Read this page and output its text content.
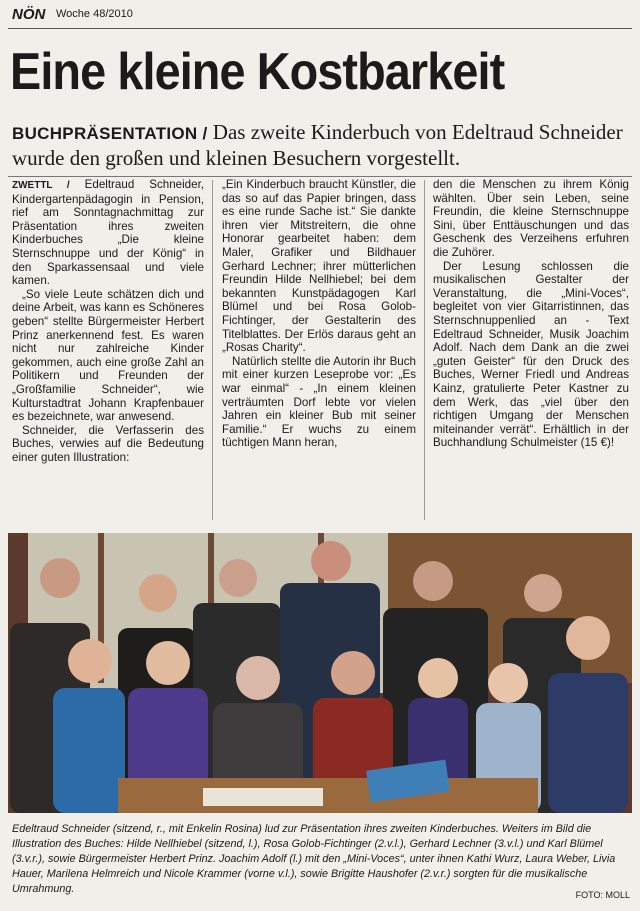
NÖN Woche 48/2010
Eine kleine Kostbarkeit
BUCHPRÄSENTATION / Das zweite Kinderbuch von Edeltraud Schneider wurde den großen und kleinen Besuchern vorgestellt.

ZWETTL / Edeltraud Schneider, Kindergartenpädagogin in Pension, rief am Sonntagnachmittag zur Präsentation ihres zweiten Kinderbuches „Die kleine Sternschnuppe und der König“ in den Sparkassensaal und viele kamen.

„So viele Leute schätzen dich und deine Arbeit, was kann es Schöneres geben“ stellte Bürgermeister Herbert Prinz anerkennend fest. Es waren nicht nur zahlreiche Kinder gekommen, auch eine große Zahl an Politikern und Freunden der „Großfamilie Schneider“, wie Kulturstadtrat Johann Krapfenbauer es bezeichnete, war anwesend.

Schneider, die Verfasserin des Buches, verwies auf die Bedeutung einer guten Illustration:

„Ein Kinderbuch braucht Künstler, die das so auf das Papier bringen, dass es eine runde Sache ist.“ Sie dankte ihren vier Mitstreitern, die ohne Honorar gearbeitet haben: dem Maler, Grafiker und Bildhauer Gerhard Lechner; ihrer mütterlichen Freundin Hilde Nellhiebel; bei dem bekannten Kunstpädagogen Karl Blümel und bei Rosa Golob-Fichtinger, der Gestalterin des Titelblattes. Der Erlös daraus geht an „Rosas Charity“.

Natürlich stellte die Autorin ihr Buch mit einer kurzen Leseprobe vor: „Es war einmal“ - „In einem kleinen verträumten Dorf lebte vor vielen Jahren ein kleiner Bub mit seiner Familie.“ Er wuchs zu einem tüchtigen Mann heran,

den die Menschen zu ihrem König wählten. Über sein Leben, seine Freundin, die kleine Sternschnuppe Sini, über Enttäuschungen und das Geschenk des Verzeihens erfuhren die Zuhörer.

Der Lesung schlossen die musikalischen Gestalter der Veranstaltung, die „Mini-Voces“, begleitet von vier Gitarristinnen, das Sternschnuppenlied an - Text Edeltraud Schneider, Musik Joachim Adolf. Nach dem Dank an die zwei „guten Geister“ für den Druck des Buches, Werner Friedl und Andreas Kainz, gratulierte Peter Kastner zu dem Werk, das „viel über den richtigen Umgang der Menschen miteinander verrät“. Erhältlich in der Buchhandlung Schulmeister (15 €)!

Edeltraud Schneider (sitzend, r., mit Enkelin Rosina) lud zur Präsentation ihres zweiten Kinderbuches. Weiters im Bild die Illustration des Buches: Hilde Nellhiebel (sitzend, l.), Rosa Golob-Fichtinger (2.v.l.), Gerhard Lechner (3.v.l.) und Karl Blümel (3.v.r.), sowie Bürgermeister Herbert Prinz. Joachim Adolf (l.) mit den „Mini-Voces“, unter ihnen Kathi Wurz, Laura Weber, Livia Hauer, Marilena Helmreich und Nicole Krammer (vorne v.l.), sowie Brigitte Haushofer (2.v.r.) sorgten für die musikalische Umrahmung.	FOTO: MOLL
